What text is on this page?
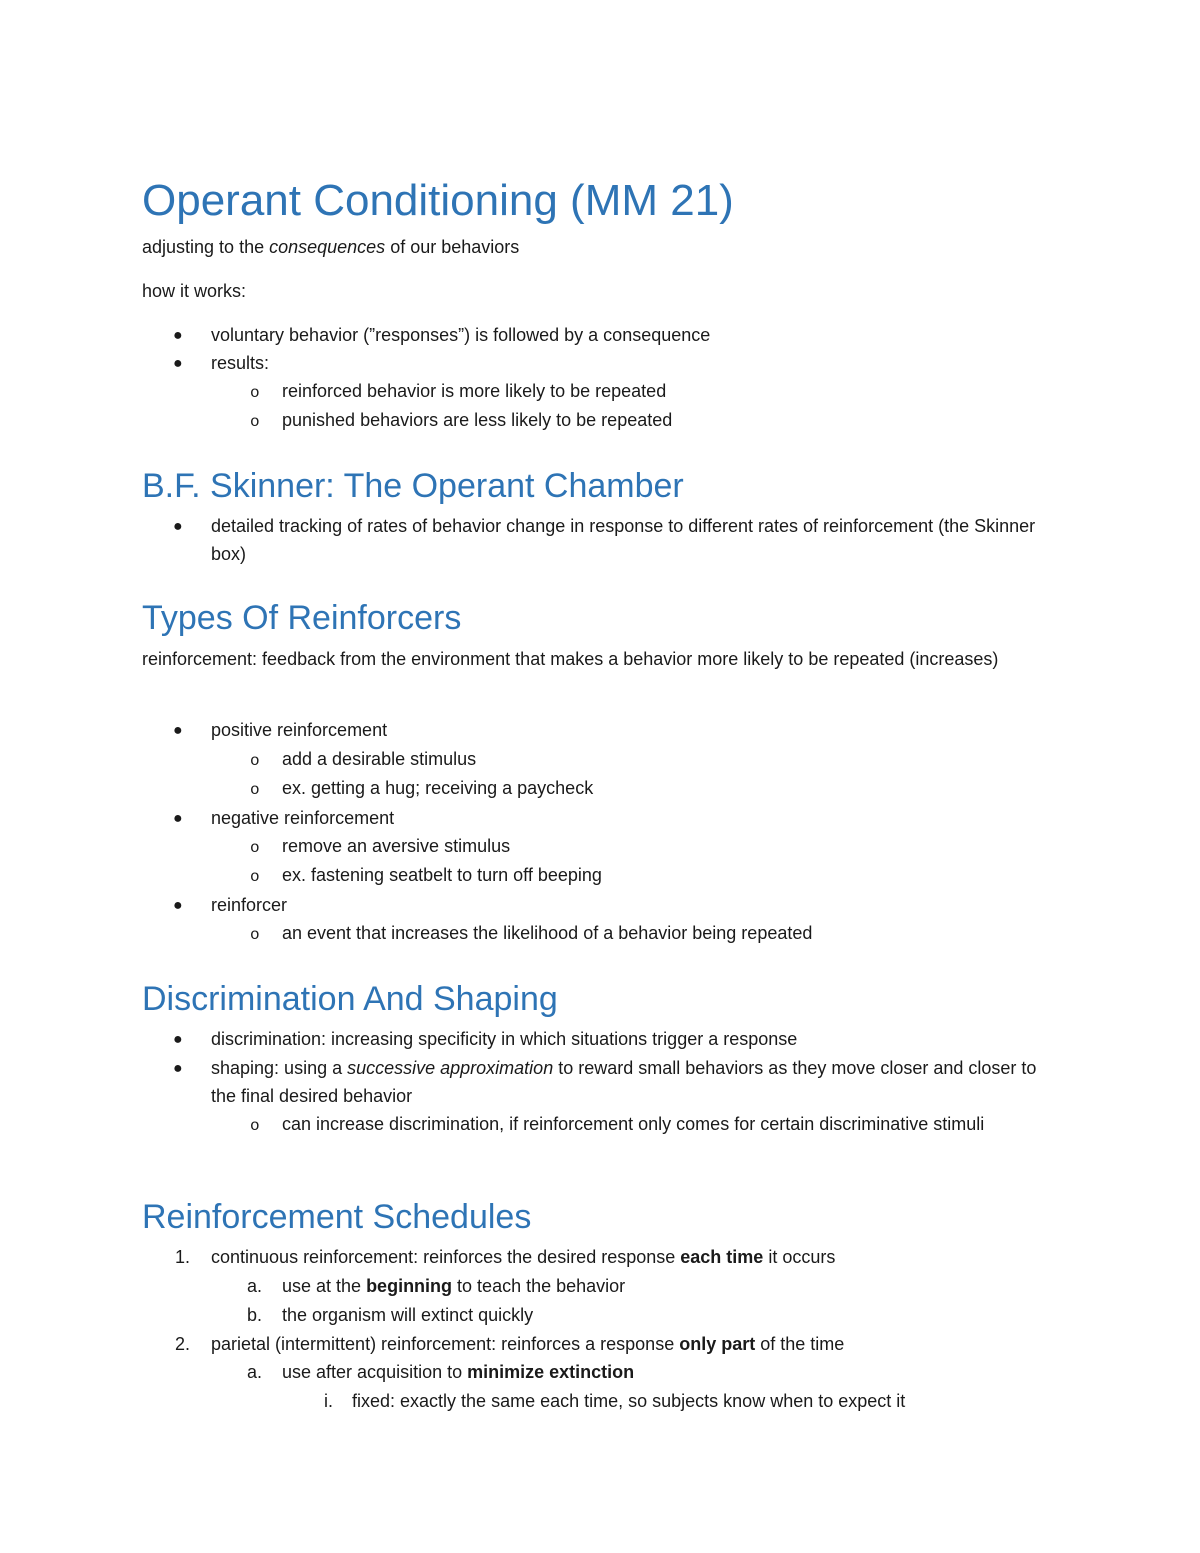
Operant Conditioning (MM 21)

adjusting to the consequences of our behaviors

how it works:

● voluntary behavior (”responses”) is followed by a consequence

● results:

o reinforced behavior is more likely to be repeated

o punished behaviors are less likely to be repeated

B.F. Skinner: The Operant Chamber
● detailed tracking of rates of behavior change in response to different rates of reinforcement (the Skinner box)

Types Of Reinforcers

reinforcement: feedback from the environment that makes a behavior more likely to be repeated (increases)

● positive reinforcement

o add a desirable stimulus

o ex. getting a hug; receiving a paycheck

● negative reinforcement

o remove an aversive stimulus

o ex. fastening seatbelt to turn off beeping

● reinforcer

o an event that increases the likelihood of a behavior being repeated

Discrimination And Shaping
● discrimination: increasing specificity in which situations trigger a response

● shaping: using a successive approximation to reward small behaviors as they move closer and closer to the final desired behavior

o can increase discrimination, if reinforcement only comes for certain discriminative stimuli

Reinforcement Schedules
1. continuous reinforcement: reinforces the desired response each time it occurs

a. use at the beginning to teach the behavior

b. the organism will extinct quickly

2. parietal (intermittent) reinforcement: reinforces a response only part of the time

a. use after acquisition to minimize extinction

i. fixed: exactly the same each time, so subjects know when to expect it
